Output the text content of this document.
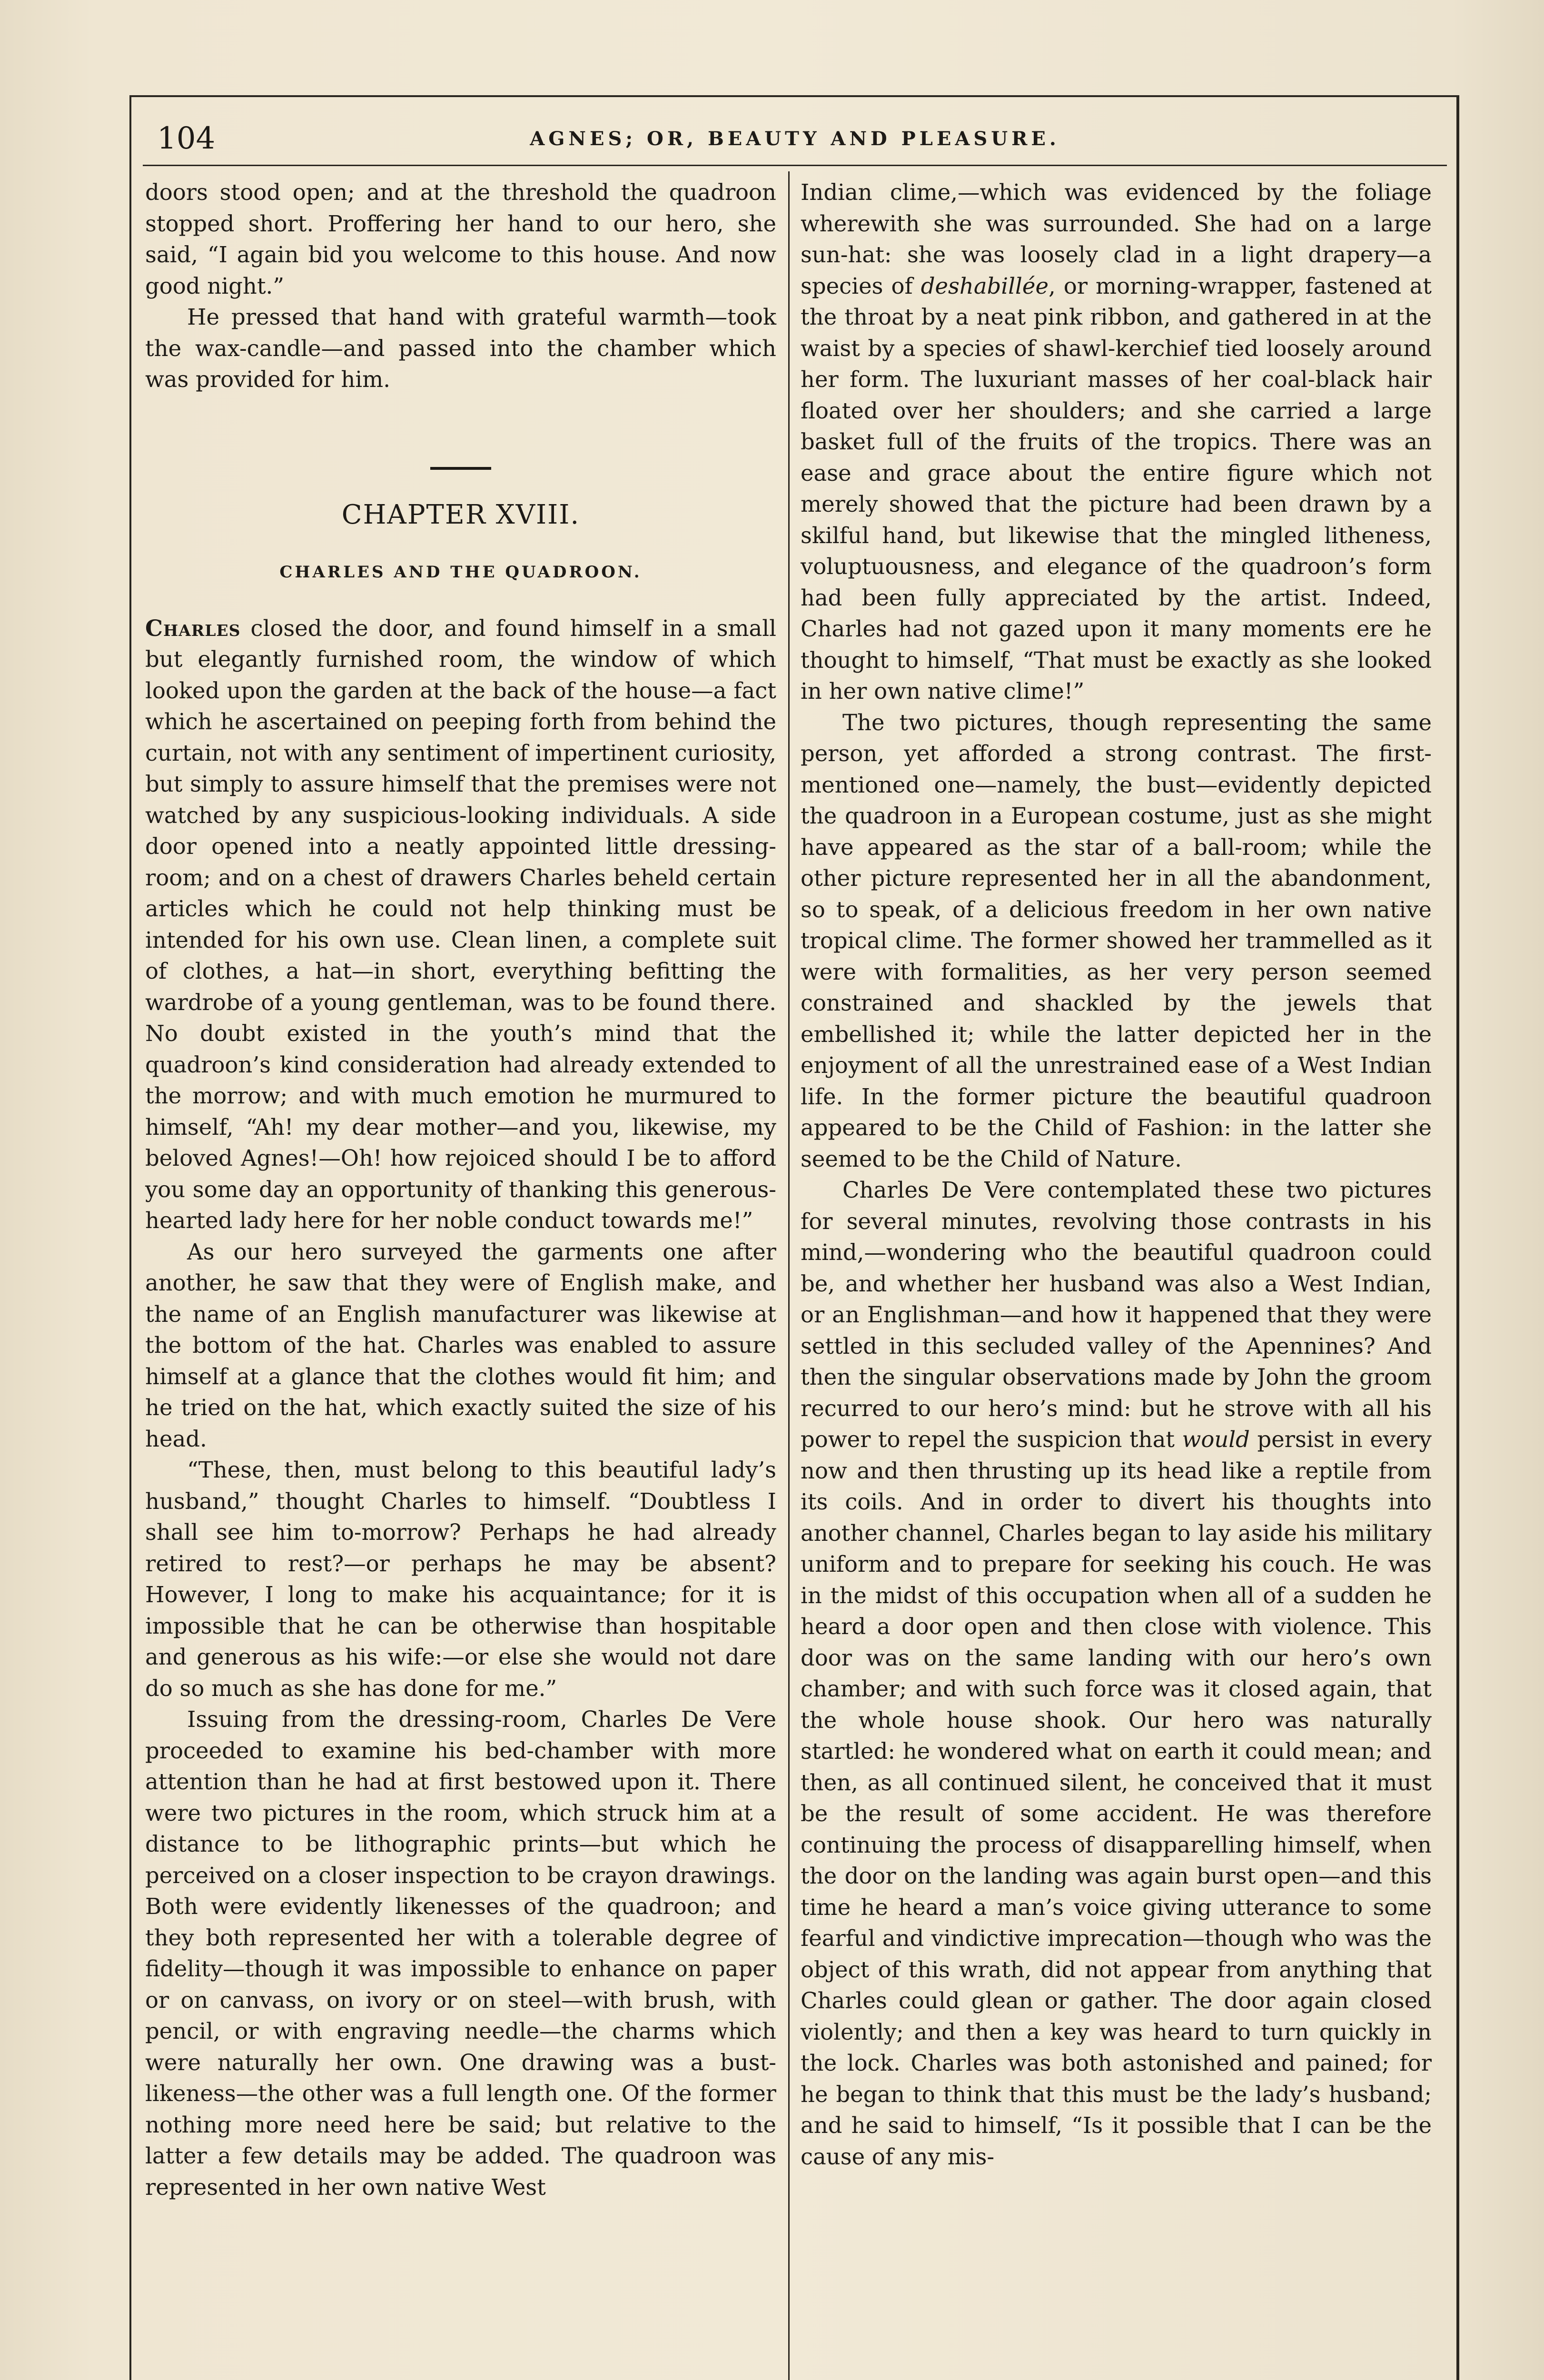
104	AGNES; OR, BEAUTY AND PLEASURE.

doors stood open; and at the threshold the quadroon stopped short. Proffering her hand to our hero, she said, “I again bid you welcome to this house. And now good night.”

He pressed that hand with grateful warmth—took the wax-candle—and passed into the chamber which was provided for him.

CHAPTER XVIII.
CHARLES AND THE QUADROON.

Charles closed the door, and found himself in a small but elegantly furnished room, the window of which looked upon the garden at the back of the house—a fact which he ascertained on peeping forth from behind the curtain, not with any sentiment of impertinent curiosity, but simply to assure himself that the premises were not watched by any suspicious-looking individuals. A side door opened into a neatly appointed little dressing-room; and on a chest of drawers Charles beheld certain articles which he could not help thinking must be intended for his own use. Clean linen, a complete suit of clothes, a hat—in short, everything befitting the wardrobe of a young gentleman, was to be found there. No doubt existed in the youth’s mind that the quadroon’s kind consideration had already extended to the morrow; and with much emotion he murmured to himself, “Ah! my dear mother—and you, likewise, my beloved Agnes!—Oh! how rejoiced should I be to afford you some day an opportunity of thanking this generous-hearted lady here for her noble conduct towards me!”

As our hero surveyed the garments one after another, he saw that they were of English make, and the name of an English manufacturer was likewise at the bottom of the hat. Charles was enabled to assure himself at a glance that the clothes would fit him; and he tried on the hat, which exactly suited the size of his head.

“These, then, must belong to this beautiful lady’s husband,” thought Charles to himself. “Doubtless I shall see him to-morrow? Perhaps he had already retired to rest?—or perhaps he may be absent? However, I long to make his acquaintance; for it is impossible that he can be otherwise than hospitable and generous as his wife:—or else she would not dare do so much as she has done for me.”

Issuing from the dressing-room, Charles De Vere proceeded to examine his bed-chamber with more attention than he had at first bestowed upon it. There were two pictures in the room, which struck him at a distance to be lithographic prints—but which he perceived on a closer inspection to be crayon drawings. Both were evidently likenesses of the quadroon; and they both represented her with a tolerable degree of fidelity—though it was impossible to enhance on paper or on canvass, on ivory or on steel—with brush, with pencil, or with engraving needle—the charms which were naturally her own. One drawing was a bust-likeness—the other was a full length one. Of the former nothing more need here be said; but relative to the latter a few details may be added. The quadroon was represented in her own native West

Indian clime,—which was evidenced by the foliage wherewith she was surrounded. She had on a large sun-hat: she was loosely clad in a light drapery—a species of deshabillée, or morning-wrapper, fastened at the throat by a neat pink ribbon, and gathered in at the waist by a species of shawl-kerchief tied loosely around her form. The luxuriant masses of her coal-black hair floated over her shoulders; and she carried a large basket full of the fruits of the tropics. There was an ease and grace about the entire figure which not merely showed that the picture had been drawn by a skilful hand, but likewise that the mingled litheness, voluptuousness, and elegance of the quadroon’s form had been fully appreciated by the artist. Indeed, Charles had not gazed upon it many moments ere he thought to himself, “That must be exactly as she looked in her own native clime!”

The two pictures, though representing the same person, yet afforded a strong contrast. The first-mentioned one—namely, the bust—evidently depicted the quadroon in a European costume, just as she might have appeared as the star of a ball-room; while the other picture represented her in all the abandonment, so to speak, of a delicious freedom in her own native tropical clime. The former showed her trammelled as it were with formalities, as her very person seemed constrained and shackled by the jewels that embellished it; while the latter depicted her in the enjoyment of all the unrestrained ease of a West Indian life. In the former picture the beautiful quadroon appeared to be the Child of Fashion: in the latter she seemed to be the Child of Nature.

Charles De Vere contemplated these two pictures for several minutes, revolving those contrasts in his mind,—wondering who the beautiful quadroon could be, and whether her husband was also a West Indian, or an Englishman—and how it happened that they were settled in this secluded valley of the Apennines? And then the singular observations made by John the groom recurred to our hero’s mind: but he strove with all his power to repel the suspicion that would persist in every now and then thrusting up its head like a reptile from its coils. And in order to divert his thoughts into another channel, Charles began to lay aside his military uniform and to prepare for seeking his couch. He was in the midst of this occupation when all of a sudden he heard a door open and then close with violence. This door was on the same landing with our hero’s own chamber; and with such force was it closed again, that the whole house shook. Our hero was naturally startled: he wondered what on earth it could mean; and then, as all continued silent, he conceived that it must be the result of some accident. He was therefore continuing the process of disapparelling himself, when the door on the landing was again burst open—and this time he heard a man’s voice giving utterance to some fearful and vindictive imprecation—though who was the object of this wrath, did not appear from anything that Charles could glean or gather. The door again closed violently; and then a key was heard to turn quickly in the lock. Charles was both astonished and pained; for he began to think that this must be the lady’s husband; and he said to himself, “Is it possible that I can be the cause of any mis-
